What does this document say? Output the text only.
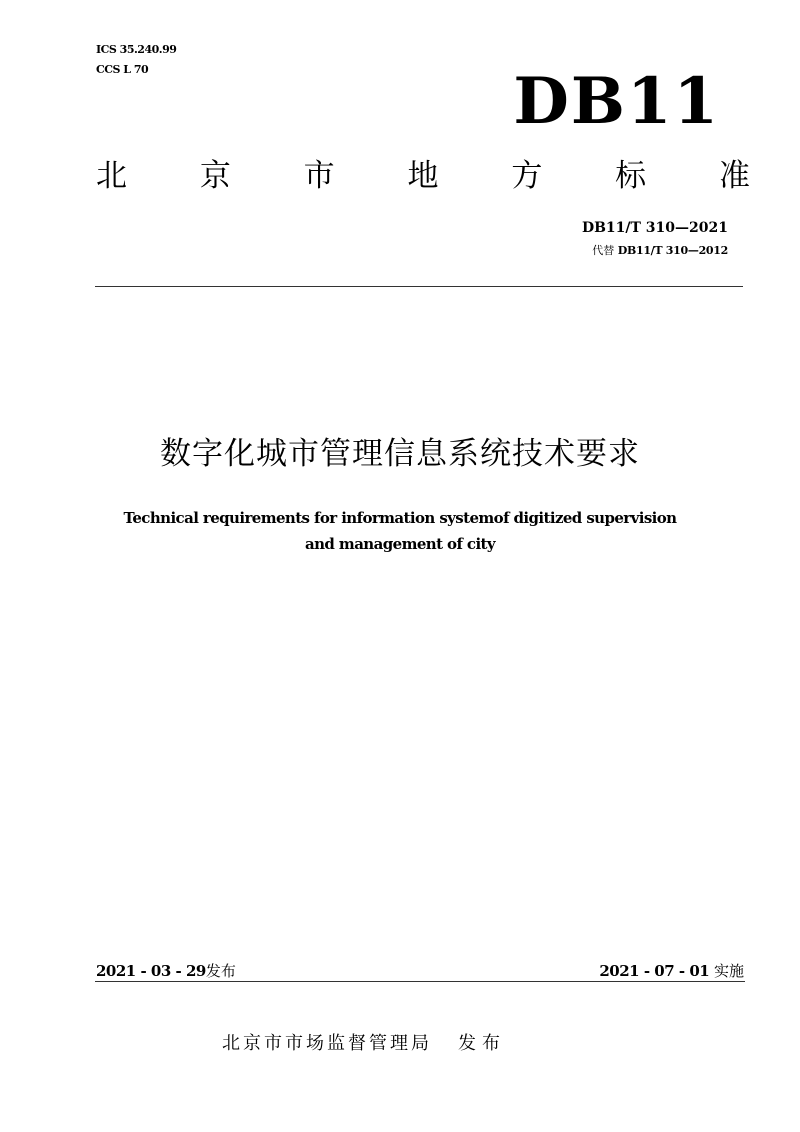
ICS 35.240.99
CCS L 70	DB11
北 京 市 地 方 标 准
DB11/T 310—2021
代替 DB11/T 310—2012
数字化城市管理信息系统技术要求
Technical requirements for information systemof digitized supervision
and management of city
2021 - 03 - 29发布	2021 - 07 - 01 实施
北京市市场监督管理局 发布
